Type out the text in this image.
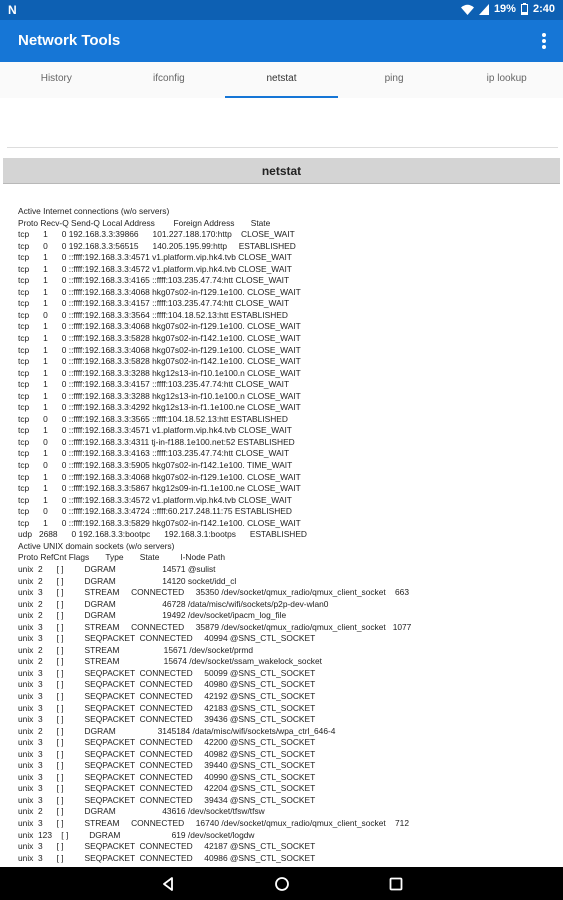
N	19% 2:40
Network Tools
History	ifconfig	netstat	ping	ip lookup
netstat
Active Internet connections (w/o servers)
Proto Recv-Q Send-Q Local Address        Foreign Address       State
tcp      1      0 192.168.3.3:39866      101.227.188.170:http    CLOSE_WAIT
tcp      0      0 192.168.3.3:56515      140.205.195.99:http     ESTABLISHED
tcp      1      0 ::ffff:192.168.3.3:4571 v1.platform.vip.hk4.tvb CLOSE_WAIT
tcp      1      0 ::ffff:192.168.3.3:4572 v1.platform.vip.hk4.tvb CLOSE_WAIT
tcp      1      0 ::ffff:192.168.3.3:4165 ::ffff:103.235.47.74:htt CLOSE_WAIT
tcp      1      0 ::ffff:192.168.3.3:4068 hkg07s02-in-f129.1e100. CLOSE_WAIT
tcp      1      0 ::ffff:192.168.3.3:4157 ::ffff:103.235.47.74:htt CLOSE_WAIT
tcp      0      0 ::ffff:192.168.3.3:3564 ::ffff:104.18.52.13:htt ESTABLISHED
tcp      1      0 ::ffff:192.168.3.3:4068 hkg07s02-in-f129.1e100. CLOSE_WAIT
tcp      1      0 ::ffff:192.168.3.3:5828 hkg07s02-in-f142.1e100. CLOSE_WAIT
tcp      1      0 ::ffff:192.168.3.3:4068 hkg07s02-in-f129.1e100. CLOSE_WAIT
tcp      1      0 ::ffff:192.168.3.3:5828 hkg07s02-in-f142.1e100. CLOSE_WAIT
tcp      1      0 ::ffff:192.168.3.3:3288 hkg12s13-in-f10.1e100.n CLOSE_WAIT
tcp      1      0 ::ffff:192.168.3.3:4157 ::ffff:103.235.47.74:htt CLOSE_WAIT
tcp      1      0 ::ffff:192.168.3.3:3288 hkg12s13-in-f10.1e100.n CLOSE_WAIT
tcp      1      0 ::ffff:192.168.3.3:4292 hkg12s13-in-f1.1e100.ne CLOSE_WAIT
tcp      0      0 ::ffff:192.168.3.3:3565 ::ffff:104.18.52.13:htt ESTABLISHED
tcp      1      0 ::ffff:192.168.3.3:4571 v1.platform.vip.hk4.tvb CLOSE_WAIT
tcp      0      0 ::ffff:192.168.3.3:4311 tj-in-f188.1e100.net:52 ESTABLISHED
tcp      1      0 ::ffff:192.168.3.3:4163 ::ffff:103.235.47.74:htt CLOSE_WAIT
tcp      0      0 ::ffff:192.168.3.3:5905 hkg07s02-in-f142.1e100. TIME_WAIT
tcp      1      0 ::ffff:192.168.3.3:4068 hkg07s02-in-f129.1e100. CLOSE_WAIT
tcp      1      0 ::ffff:192.168.3.3:5867 hkg12s09-in-f1.1e100.ne CLOSE_WAIT
tcp      1      0 ::ffff:192.168.3.3:4572 v1.platform.vip.hk4.tvb CLOSE_WAIT
tcp      0      0 ::ffff:192.168.3.3:4724 ::ffff:60.217.248.11:75 ESTABLISHED
tcp      1      0 ::ffff:192.168.3.3:5829 hkg07s02-in-f142.1e100. CLOSE_WAIT
udp   2688      0 192.168.3.3:bootpc      192.168.3.1:bootps      ESTABLISHED
Active UNIX domain sockets (w/o servers)
Proto RefCnt Flags       Type       State         I-Node Path
unix  2      [ ]         DGRAM                    14571 @sulist
unix  2      [ ]         DGRAM                    14120 socket/idd_cl
unix  3      [ ]         STREAM     CONNECTED     35350 /dev/socket/qmux_radio/qmux_client_socket    663
unix  2      [ ]         DGRAM                    46728 /data/misc/wifi/sockets/p2p-dev-wlan0
unix  2      [ ]         DGRAM                    19492 /dev/socket/ipacm_log_file
unix  3      [ ]         STREAM     CONNECTED     35879 /dev/socket/qmux_radio/qmux_client_socket   1077
unix  3      [ ]         SEQPACKET  CONNECTED     40994 @SNS_CTL_SOCKET
unix  2      [ ]         STREAM                   15671 /dev/socket/prmd
unix  2      [ ]         STREAM                   15674 /dev/socket/ssam_wakelock_socket
unix  3      [ ]         SEQPACKET  CONNECTED     50099 @SNS_CTL_SOCKET
unix  3      [ ]         SEQPACKET  CONNECTED     40980 @SNS_CTL_SOCKET
unix  3      [ ]         SEQPACKET  CONNECTED     42192 @SNS_CTL_SOCKET
unix  3      [ ]         SEQPACKET  CONNECTED     42183 @SNS_CTL_SOCKET
unix  3      [ ]         SEQPACKET  CONNECTED     39436 @SNS_CTL_SOCKET
unix  2      [ ]         DGRAM                  3145184 /data/misc/wifi/sockets/wpa_ctrl_646-4
unix  3      [ ]         SEQPACKET  CONNECTED     42200 @SNS_CTL_SOCKET
unix  3      [ ]         SEQPACKET  CONNECTED     40982 @SNS_CTL_SOCKET
unix  3      [ ]         SEQPACKET  CONNECTED     39440 @SNS_CTL_SOCKET
unix  3      [ ]         SEQPACKET  CONNECTED     40990 @SNS_CTL_SOCKET
unix  3      [ ]         SEQPACKET  CONNECTED     42204 @SNS_CTL_SOCKET
unix  3      [ ]         SEQPACKET  CONNECTED     39434 @SNS_CTL_SOCKET
unix  2      [ ]         DGRAM                    43616 /dev/socket/tfsw/tfsw
unix  3      [ ]         STREAM     CONNECTED     16740 /dev/socket/qmux_radio/qmux_client_socket    712
unix  123    [ ]         DGRAM                      619 /dev/socket/logdw
unix  3      [ ]         SEQPACKET  CONNECTED     42187 @SNS_CTL_SOCKET
unix  3      [ ]         SEQPACKET  CONNECTED     40986 @SNS_CTL_SOCKET
